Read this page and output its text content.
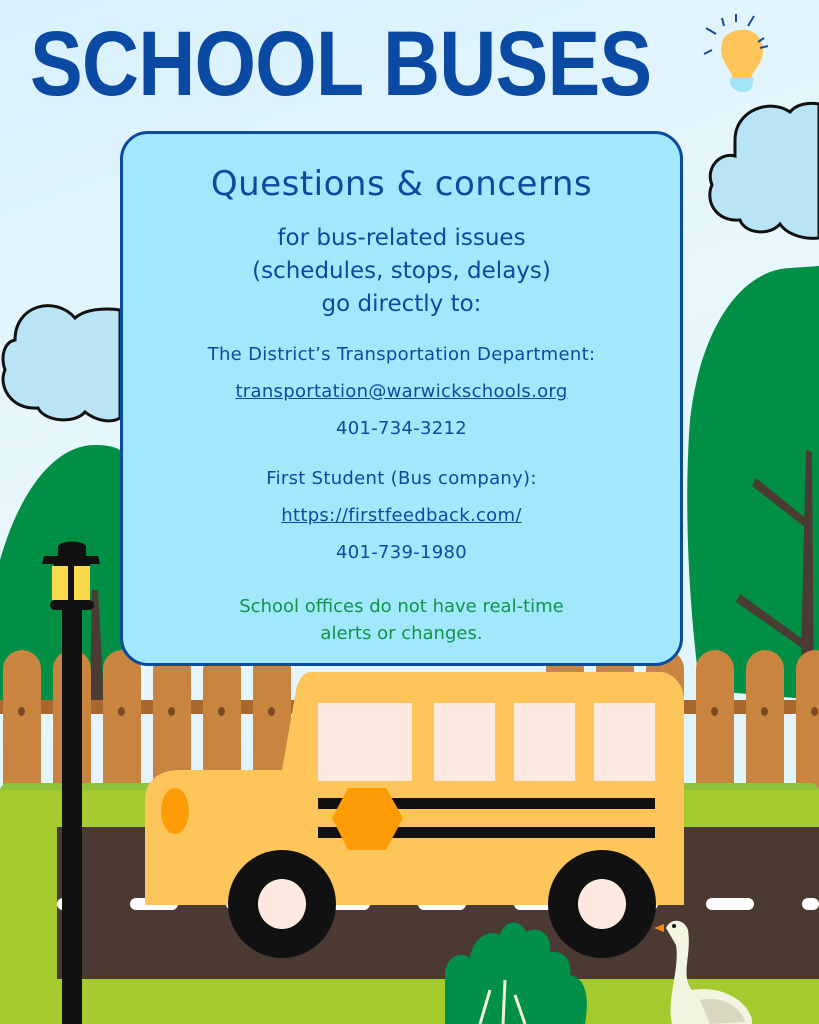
SCHOOL BUSES
Questions & concerns
for bus-related issues
(schedules, stops, delays)
go directly to:
The District’s Transportation Department:
transportation@warwickschools.org
401-734-3212
First Student (Bus company):
https://firstfeedback.com/
401-739-1980
School offices do not have real-time
alerts or changes.
